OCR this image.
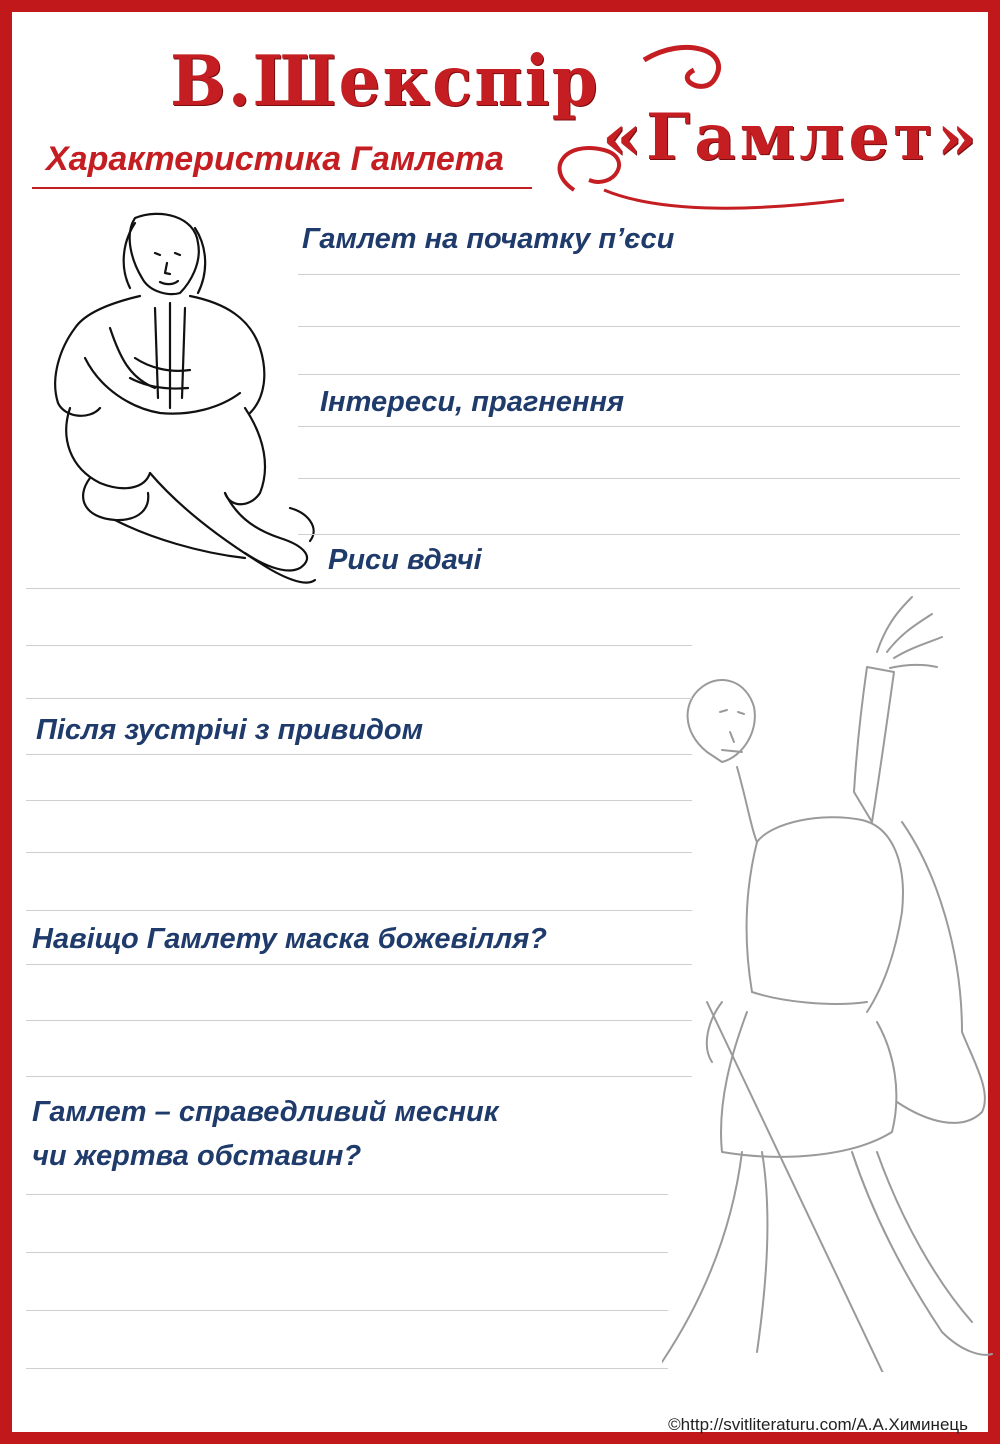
В.Шекспір
Характеристика Гамлета «Гамлет»
Гамлет на початку п’єси
Інтереси, прагнення
Риси вдачі
Після зустрічі з привидом
Навіщо Гамлету маска божевілля?
Гамлет – справедливий месник
чи жертва обставин?
©http://svitliteraturu.com/А.А.Химинець
